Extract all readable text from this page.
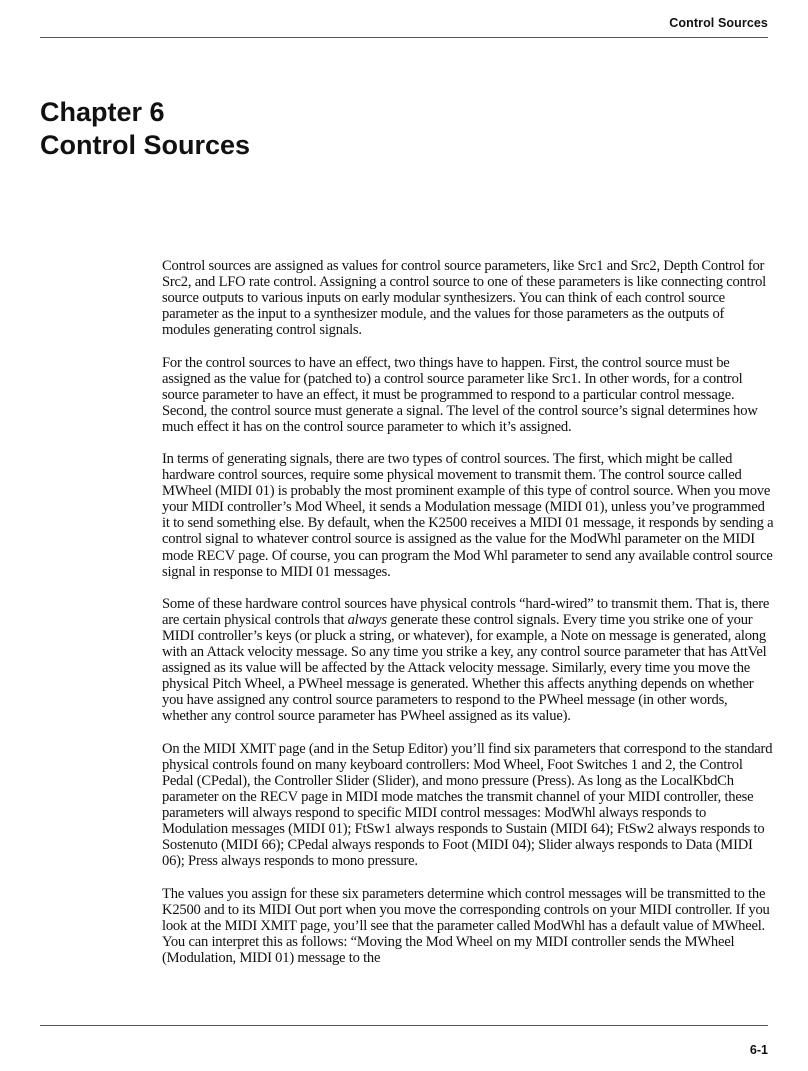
Control Sources
Chapter 6
Control Sources

Control sources are assigned as values for control source parameters, like Src1 and Src2, Depth Control for Src2, and LFO rate control. Assigning a control source to one of these parameters is like connecting control source outputs to various inputs on early modular synthesizers. You can think of each control source parameter as the input to a synthesizer module, and the values for those parameters as the outputs of modules generating control signals.

For the control sources to have an effect, two things have to happen. First, the control source must be assigned as the value for (patched to) a control source parameter like Src1. In other words, for a control source parameter to have an effect, it must be programmed to respond to a particular control message. Second, the control source must generate a signal. The level of the control source’s signal determines how much effect it has on the control source parameter to which it’s assigned.

In terms of generating signals, there are two types of control sources. The first, which might be called hardware control sources, require some physical movement to transmit them. The control source called MWheel (MIDI 01) is probably the most prominent example of this type of control source. When you move your MIDI controller’s Mod Wheel, it sends a Modulation message (MIDI 01), unless you’ve programmed it to send something else. By default, when the K2500 receives a MIDI 01 message, it responds by sending a control signal to whatever control source is assigned as the value for the ModWhl parameter on the MIDI mode RECV page. Of course, you can program the Mod Whl parameter to send any available control source signal in response to MIDI 01 messages.

Some of these hardware control sources have physical controls “hard-wired” to transmit them. That is, there are certain physical controls that always generate these control signals. Every time you strike one of your MIDI controller’s keys (or pluck a string, or whatever), for example, a Note on message is generated, along with an Attack velocity message. So any time you strike a key, any control source parameter that has AttVel assigned as its value will be affected by the Attack velocity message. Similarly, every time you move the physical Pitch Wheel, a PWheel message is generated. Whether this affects anything depends on whether you have assigned any control source parameters to respond to the PWheel message (in other words, whether any control source parameter has PWheel assigned as its value).

On the MIDI XMIT page (and in the Setup Editor) you’ll find six parameters that correspond to the standard physical controls found on many keyboard controllers: Mod Wheel, Foot Switches 1 and 2, the Control Pedal (CPedal), the Controller Slider (Slider), and mono pressure (Press). As long as the LocalKbdCh parameter on the RECV page in MIDI mode matches the transmit channel of your MIDI controller, these parameters will always respond to specific MIDI control messages: ModWhl always responds to Modulation messages (MIDI 01); FtSw1 always responds to Sustain (MIDI 64); FtSw2 always responds to Sostenuto (MIDI 66); CPedal always responds to Foot (MIDI 04); Slider always responds to Data (MIDI 06); Press always responds to mono pressure.

The values you assign for these six parameters determine which control messages will be transmitted to the K2500 and to its MIDI Out port when you move the corresponding controls on your MIDI controller. If you look at the MIDI XMIT page, you’ll see that the parameter called ModWhl has a default value of MWheel. You can interpret this as follows: “Moving the Mod Wheel on my MIDI controller sends the MWheel (Modulation, MIDI 01) message to the

6-1
